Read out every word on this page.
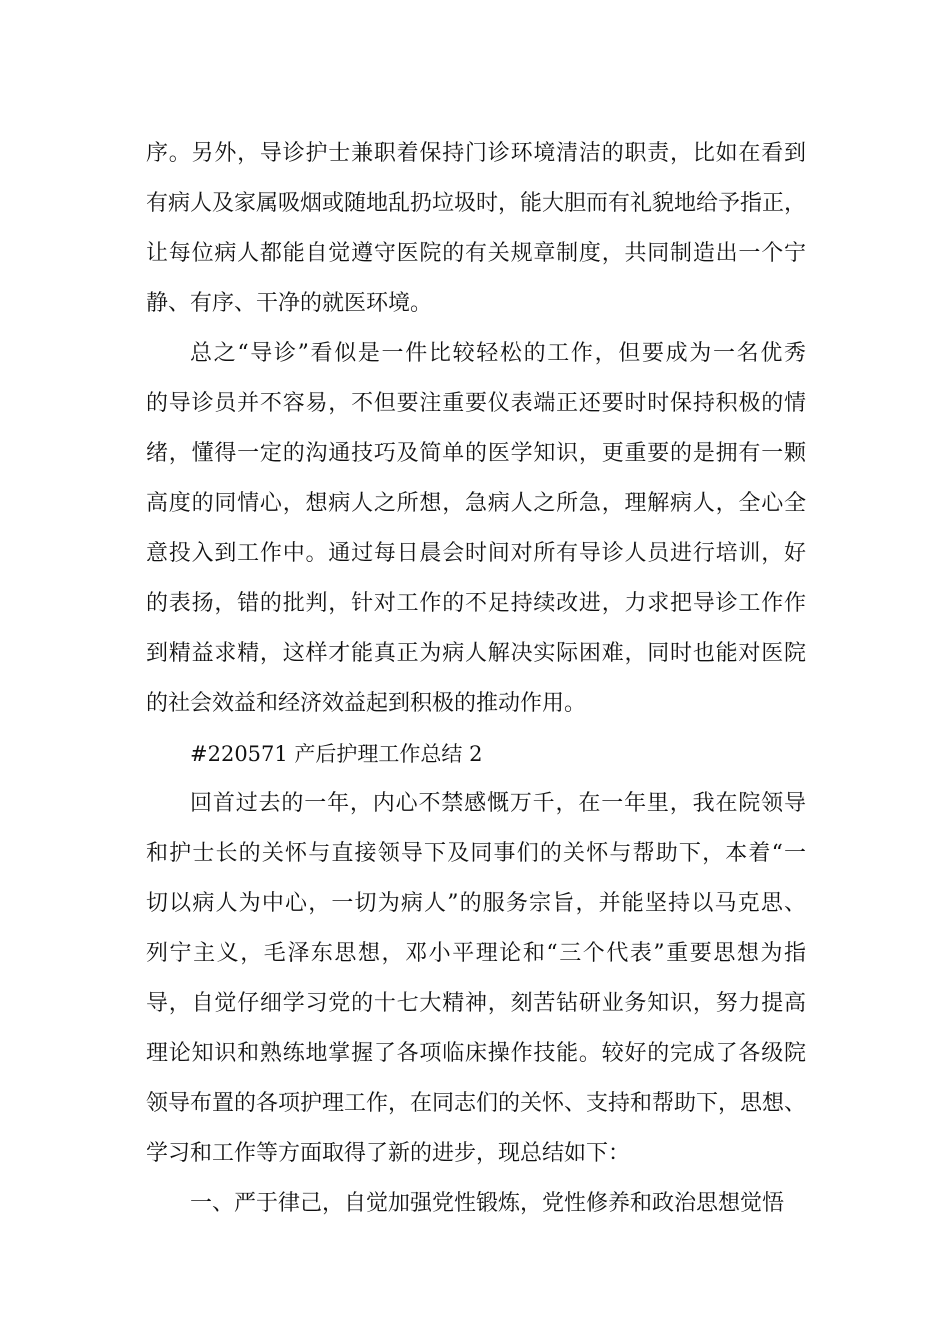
序。另外，导诊护士兼职着保持门诊环境清洁的职责，比如在看到
有病人及家属吸烟或随地乱扔垃圾时，能大胆而有礼貌地给予指正，
让每位病人都能自觉遵守医院的有关规章制度，共同制造出一个宁
静、有序、干净的就医环境。
总之“导诊”看似是一件比较轻松的工作，但要成为一名优秀
的导诊员并不容易，不但要注重要仪表端正还要时时保持积极的情
绪，懂得一定的沟通技巧及简单的医学知识，更重要的是拥有一颗
高度的同情心，想病人之所想，急病人之所急，理解病人，全心全
意投入到工作中。通过每日晨会时间对所有导诊人员进行培训，好
的表扬，错的批判，针对工作的不足持续改进，力求把导诊工作作
到精益求精，这样才能真正为病人解决实际困难，同时也能对医院
的社会效益和经济效益起到积极的推动作用。
#220571 产后护理工作总结 2
回首过去的一年，内心不禁感慨万千，在一年里，我在院领导
和护士长的关怀与直接领导下及同事们的关怀与帮助下，本着“一
切以病人为中心，一切为病人”的服务宗旨，并能坚持以马克思、
列宁主义，毛泽东思想，邓小平理论和“三个代表”重要思想为指
导，自觉仔细学习党的十七大精神，刻苦钻研业务知识，努力提高
理论知识和熟练地掌握了各项临床操作技能。较好的完成了各级院
领导布置的各项护理工作，在同志们的关怀、支持和帮助下，思想、
学习和工作等方面取得了新的进步，现总结如下：
一、严于律己，自觉加强党性锻炼，党性修养和政治思想觉悟
